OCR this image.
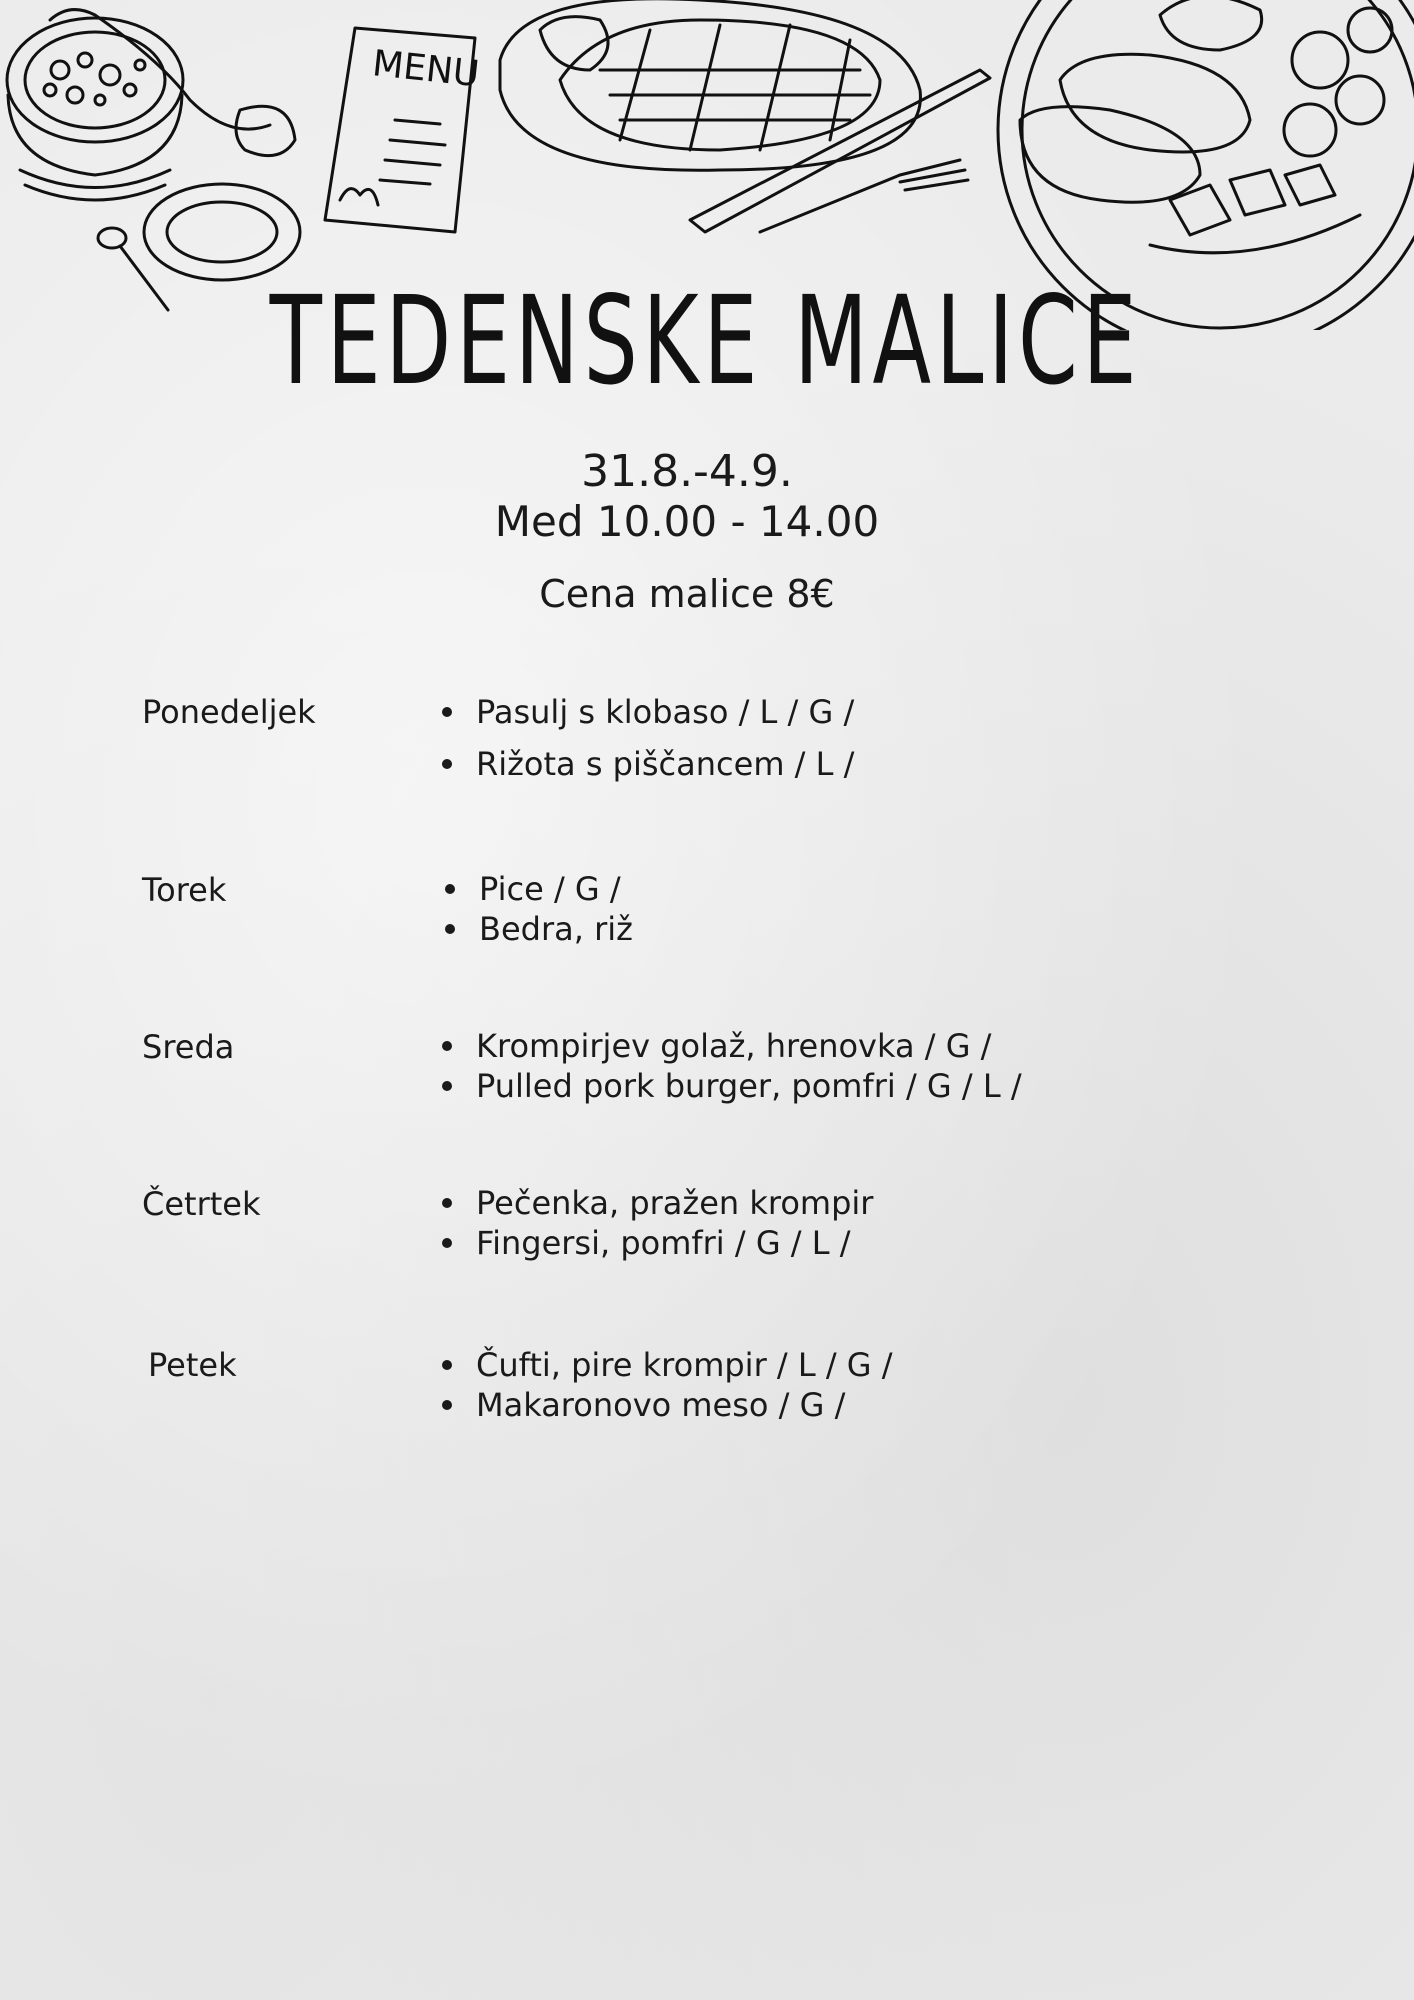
MENU
TEDENSKE MALICE
31.8.-4.9.
Med 10.00 - 14.00
Cena malice 8€
Ponedeljek	Pasulj s klobaso / L / G /
Rižota s piščancem / L /
Torek	Pice / G /
Bedra, riž
Sreda	Krompirjev golaž, hrenovka / G /
Pulled pork burger, pomfri / G / L /
Četrtek	Pečenka, pražen krompir
Fingersi, pomfri / G / L /
Petek	Čufti, pire krompir / L / G /
Makaronovo meso / G /
